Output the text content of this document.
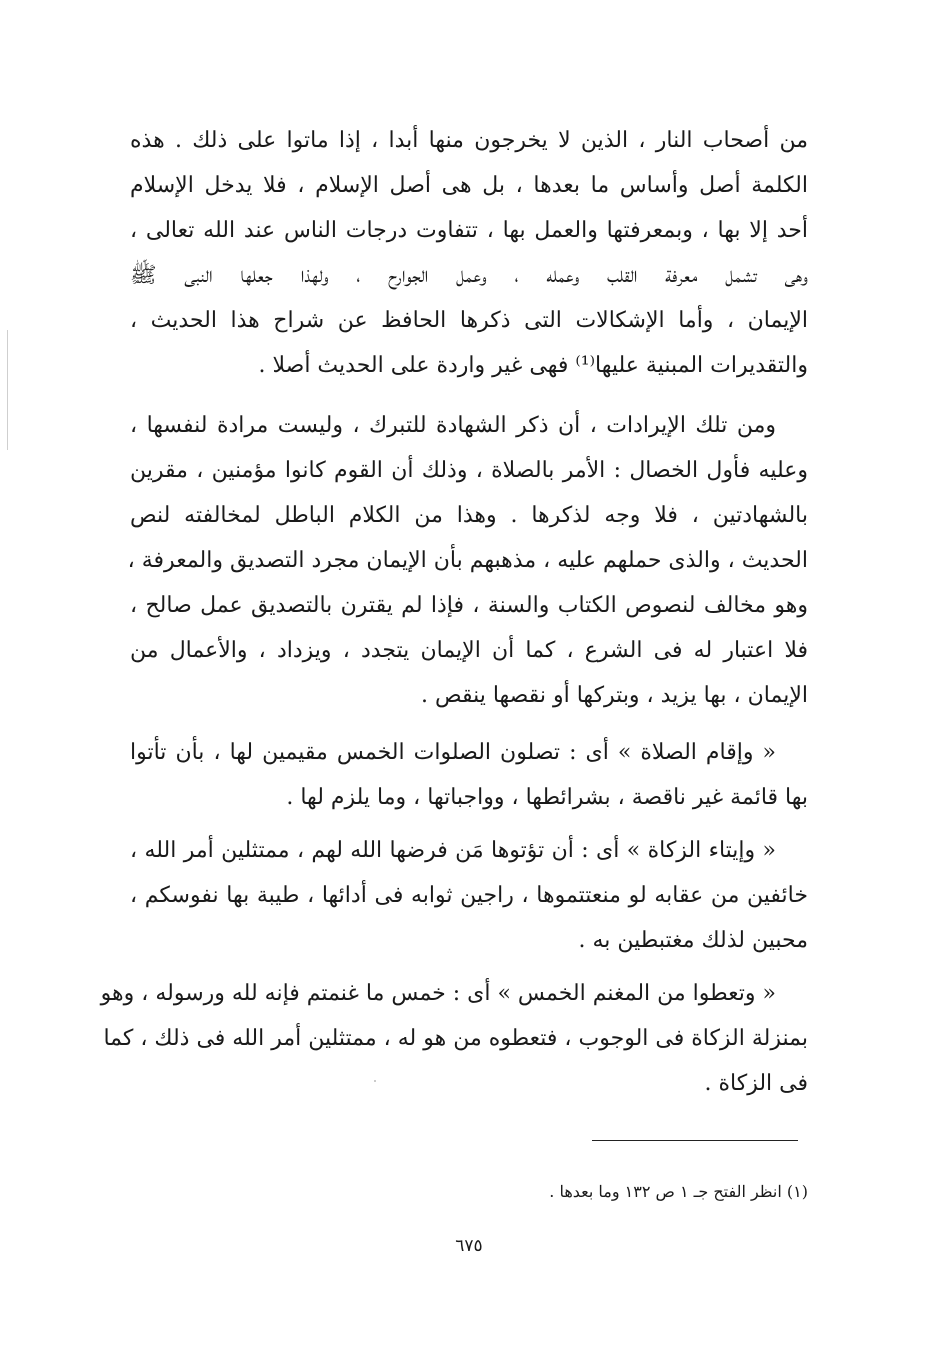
من أصحاب النار ، الذين لا يخرجون منها أبدا ، إذا ماتوا على ذلك . هذه
الكلمة أصل وأساس ما بعدها ، بل هى أصل الإسلام ، فلا يدخل الإسلام
أحد إلا بها ، وبمعرفتها والعمل بها ، تتفاوت درجات الناس عند الله تعالى ،
وهى تشمل معرفة القلب وعمله ، وعمل الجوارح ، ولهذا جعلها النبى ﷺ
الإيمان ، وأما الإشكالات التى ذكرها الحافظ عن شراح هذا الحديث ،
والتقديرات المبنية عليها⁽¹⁾ فهى غير واردة على الحديث أصلا .
ومن تلك الإيرادات ، أن ذكر الشهادة للتبرك ، وليست مرادة لنفسها ،
وعليه فأول الخصال : الأمر بالصلاة ، وذلك أن القوم كانوا مؤمنين ، مقرين
بالشهادتين ، فلا وجه لذكرها . وهذا من الكلام الباطل لمخالفته لنص
الحديث ، والذى حملهم عليه ، مذهبهم بأن الإيمان مجرد التصديق والمعرفة ،
وهو مخالف لنصوص الكتاب والسنة ، فإذا لم يقترن بالتصديق عمل صالح ،
فلا اعتبار له فى الشرع ، كما أن الإيمان يتجدد ، ويزداد ، والأعمال من
الإيمان ، بها يزيد ، وبتركها أو نقصها ينقص .
« وإقام الصلاة » أى : تصلون الصلوات الخمس مقيمين لها ، بأن تأتوا
بها قائمة غير ناقصة ، بشرائطها ، وواجباتها ، وما يلزم لها .
« وإيتاء الزكاة » أى : أن تؤتوها مَن فرضها الله لهم ، ممتثلين أمر الله ،
خائفين من عقابه لو منعتتموها ، راجين ثوابه فى أدائها ، طيبة بها نفوسكم ،
محبين لذلك مغتبطين به .
« وتعطوا من المغنم الخمس » أى : خمس ما غنمتم فإنه لله ورسوله ، وهو
بمنزلة الزكاة فى الوجوب ، فتعطوه من هو له ، ممتثلين أمر الله فى ذلك ، كما
فى الزكاة .

(١) انظر الفتح جـ ١ ص ١٣٢ وما بعدها .

٦٧٥
